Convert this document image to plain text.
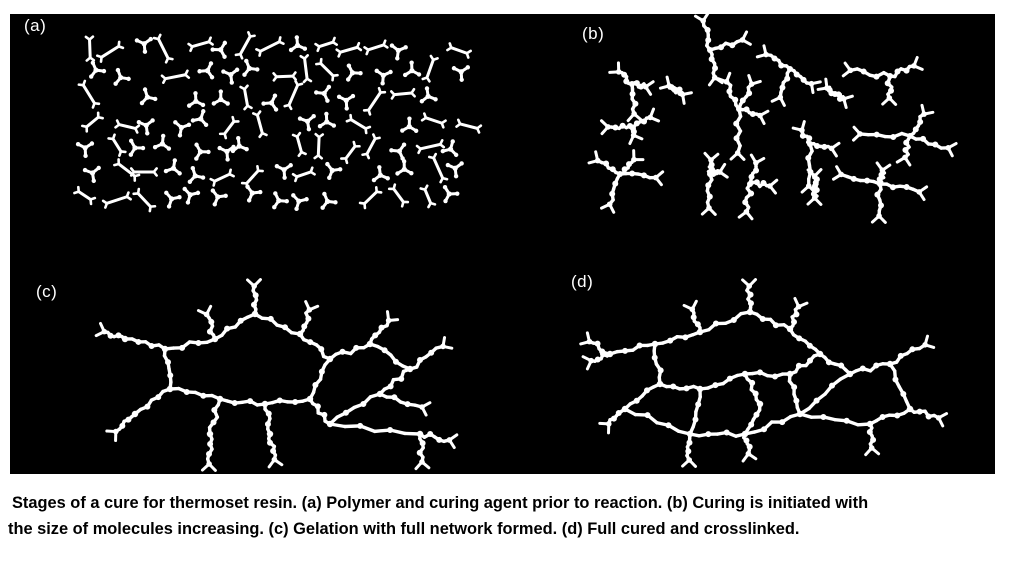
(a)	(b)
(c)
(d)

Stages of a cure for thermoset resin. (a) Polymer and curing agent prior to reaction. (b) Curing is initiated with
the size of molecules increasing. (c) Gelation with full network formed. (d) Full cured and crosslinked.
